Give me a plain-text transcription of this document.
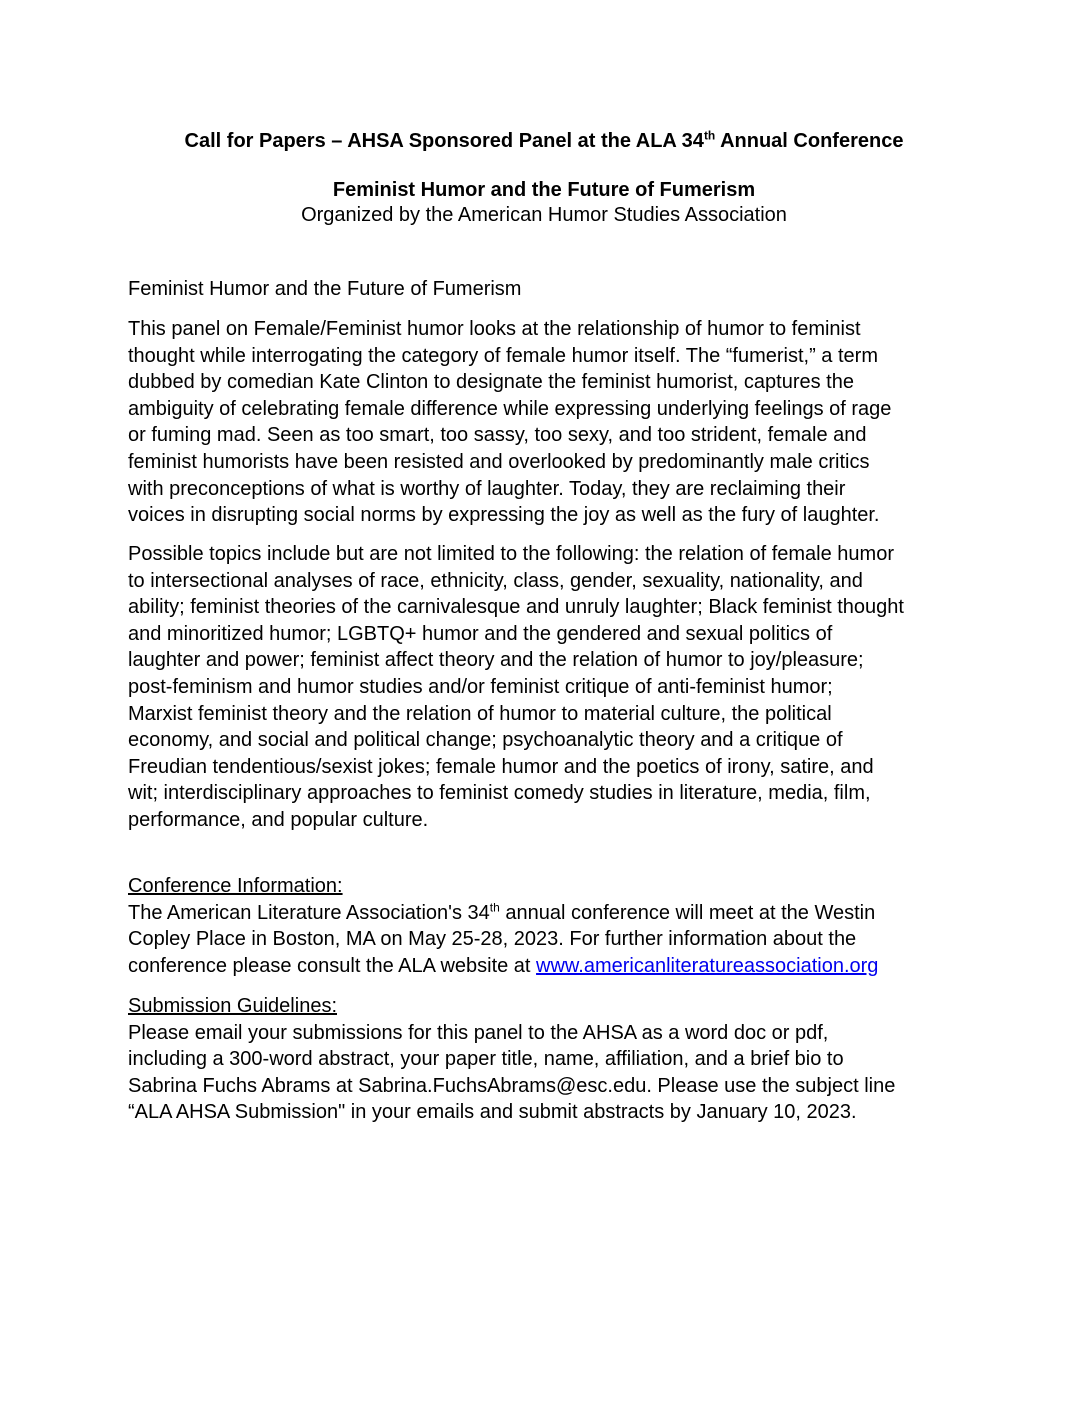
Call for Papers – AHSA Sponsored Panel at the ALA 34th Annual Conference
Feminist Humor and the Future of Fumerism
Organized by the American Humor Studies Association
Feminist Humor and the Future of Fumerism
This panel on Female/Feminist humor looks at the relationship of humor to feminist
thought while interrogating the category of female humor itself. The “fumerist,” a term
dubbed by comedian Kate Clinton to designate the feminist humorist, captures the
ambiguity of celebrating female difference while expressing underlying feelings of rage
or fuming mad. Seen as too smart, too sassy, too sexy, and too strident, female and
feminist humorists have been resisted and overlooked by predominantly male critics
with preconceptions of what is worthy of laughter. Today, they are reclaiming their
voices in disrupting social norms by expressing the joy as well as the fury of laughter.
Possible topics include but are not limited to the following: the relation of female humor
to intersectional analyses of race, ethnicity, class, gender, sexuality, nationality, and
ability; feminist theories of the carnivalesque and unruly laughter; Black feminist thought
and minoritized humor; LGBTQ+ humor and the gendered and sexual politics of
laughter and power; feminist affect theory and the relation of humor to joy/pleasure;
post-feminism and humor studies and/or feminist critique of anti-feminist humor;
Marxist feminist theory and the relation of humor to material culture, the political
economy, and social and political change; psychoanalytic theory and a critique of
Freudian tendentious/sexist jokes; female humor and the poetics of irony, satire, and
wit; interdisciplinary approaches to feminist comedy studies in literature, media, film,
performance, and popular culture.
Conference Information:
The American Literature Association's 34th annual conference will meet at the Westin
Copley Place in Boston, MA on May 25-28, 2023. For further information about the
conference please consult the ALA website at www.americanliteratureassociation.org
Submission Guidelines:
Please email your submissions for this panel to the AHSA as a word doc or pdf,
including a 300-word abstract, your paper title, name, affiliation, and a brief bio to
Sabrina Fuchs Abrams at Sabrina.FuchsAbrams@esc.edu. Please use the subject line
“ALA AHSA Submission" in your emails and submit abstracts by January 10, 2023.
